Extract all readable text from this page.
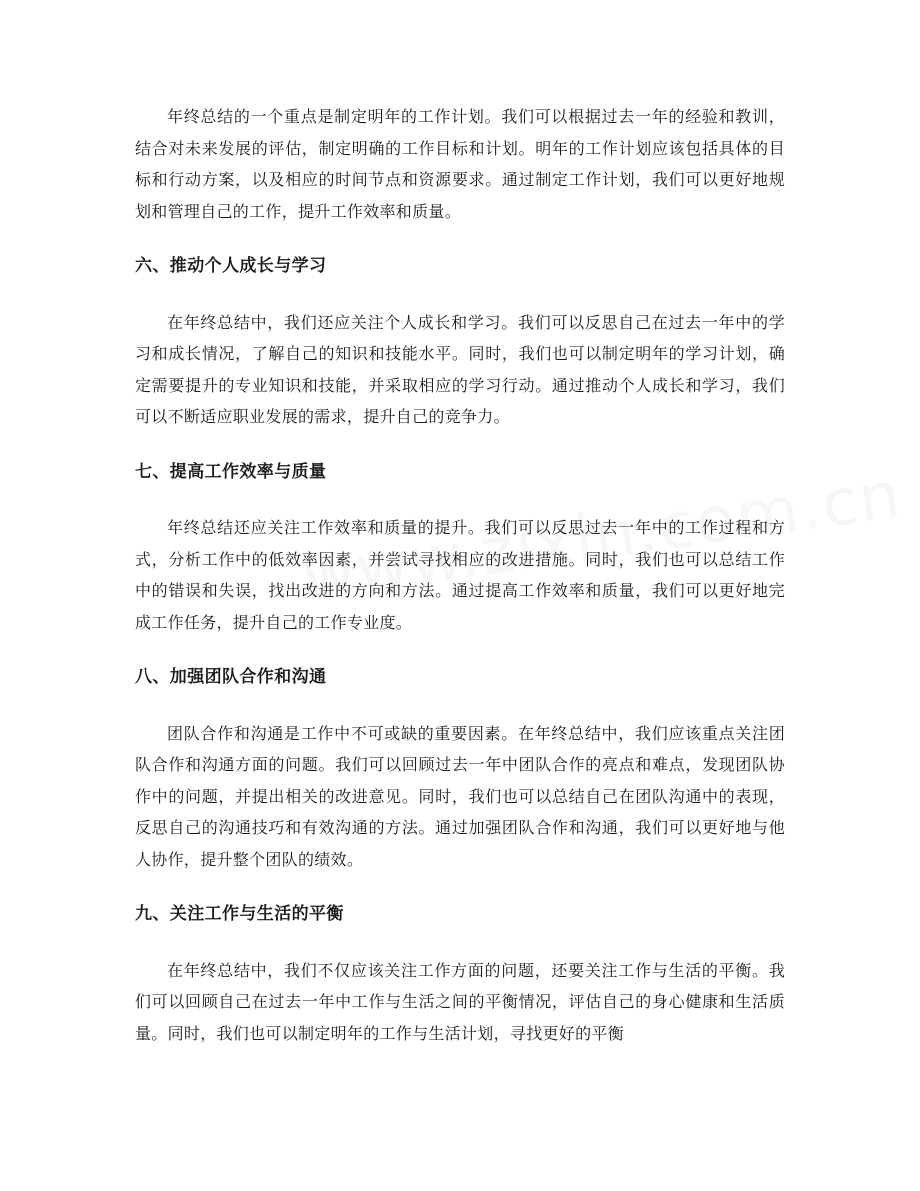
年终总结的一个重点是制定明年的工作计划。我们可以根据过去一年的经验和教训，结合对未来发展的评估，制定明确的工作目标和计划。明年的工作计划应该包括具体的目标和行动方案，以及相应的时间节点和资源要求。通过制定工作计划，我们可以更好地规划和管理自己的工作，提升工作效率和质量。

六、推动个人成长与学习

在年终总结中，我们还应关注个人成长和学习。我们可以反思自己在过去一年中的学习和成长情况，了解自己的知识和技能水平。同时，我们也可以制定明年的学习计划，确定需要提升的专业知识和技能，并采取相应的学习行动。通过推动个人成长和学习，我们可以不断适应职业发展的需求，提升自己的竞争力。

七、提高工作效率与质量

年终总结还应关注工作效率和质量的提升。我们可以反思过去一年中的工作过程和方式，分析工作中的低效率因素，并尝试寻找相应的改进措施。同时，我们也可以总结工作中的错误和失误，找出改进的方向和方法。通过提高工作效率和质量，我们可以更好地完成工作任务，提升自己的工作专业度。

八、加强团队合作和沟通

团队合作和沟通是工作中不可或缺的重要因素。在年终总结中，我们应该重点关注团队合作和沟通方面的问题。我们可以回顾过去一年中团队合作的亮点和难点，发现团队协作中的问题，并提出相关的改进意见。同时，我们也可以总结自己在团队沟通中的表现，反思自己的沟通技巧和有效沟通的方法。通过加强团队合作和沟通，我们可以更好地与他人协作，提升整个团队的绩效。

九、关注工作与生活的平衡

在年终总结中，我们不仅应该关注工作方面的问题，还要关注工作与生活的平衡。我们可以回顾自己在过去一年中工作与生活之间的平衡情况，评估自己的身心健康和生活质量。同时，我们也可以制定明年的工作与生活计划，寻找更好的平衡
